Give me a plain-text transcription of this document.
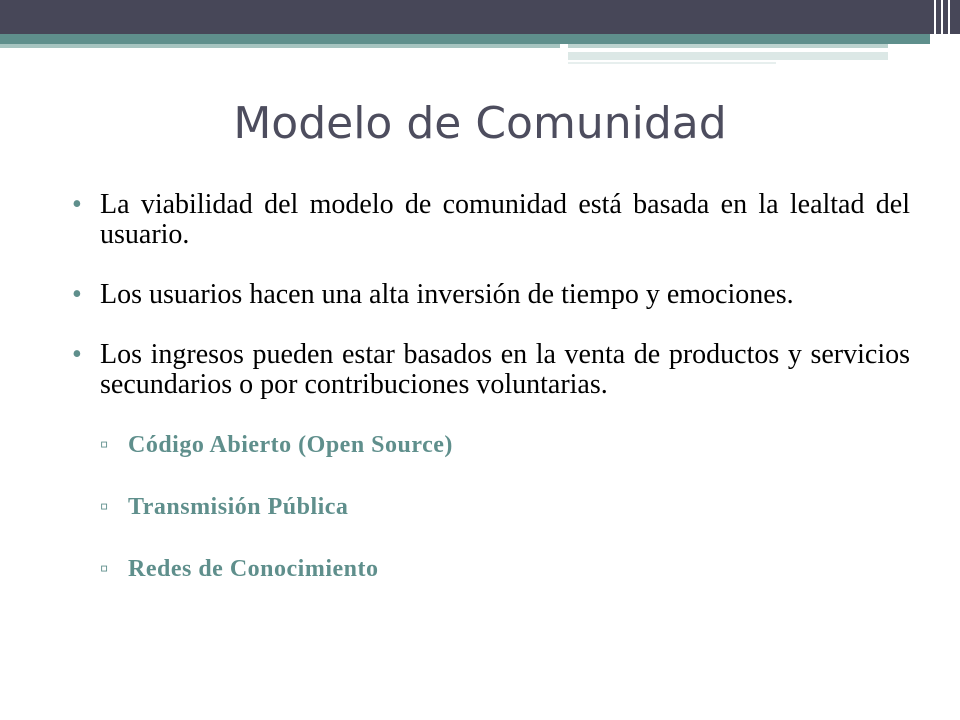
Modelo de Comunidad
• La viabilidad del modelo de comunidad está basada en la lealtad del usuario.
• Los usuarios hacen una alta inversión de tiempo y emociones.
• Los ingresos pueden estar basados en la venta de productos y servicios secundarios o por contribuciones voluntarias.
▫ Código Abierto (Open Source)
▫ Transmisión Pública
▫ Redes de Conocimiento
